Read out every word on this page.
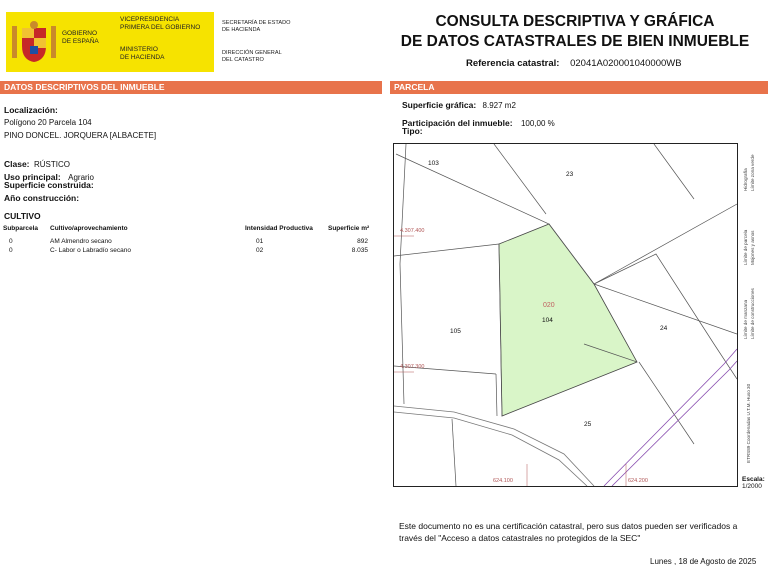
GOBIERNO
DE ESPAÑA
VICEPRESIDENCIA
PRIMERA DEL GOBIERNO
MINISTERIO
DE HACIENDA
SECRETARÍA DE ESTADO
DE HACIENDA
DIRECCIÓN GENERAL
DEL CATASTRO
CONSULTA DESCRIPTIVA Y GRÁFICA
DE DATOS CATASTRALES DE BIEN INMUEBLE
Referencia catastral: 02041A020001040000WB
DATOS DESCRIPTIVOS DEL INMUEBLE	PARCELA
Localización:
Polígono 20 Parcela 104
PINO DONCEL. JORQUERA [ALBACETE]
Clase: RÚSTICO
Uso principal: Agrario
Superficie construida:
Año construcción:
CULTIVO
Subparcela Cultivo/aprovechamiento	Intensidad Productiva Superficie m²
0	AM Almendro secano	01	892
0	C- Labor o Labradío secano	02	8.035
Superficie gráfica: 8.927 m2
Participación del inmueble: 100,00 %
Tipo:
103
23
105
020
104
24
25
4.307.400
4.307.300
624.100	624.200
Hidrografía Límite zona verde
Límite de parcela Mojones y asnos
Límite de manzana Límite de construcciones
ETRS89 Coordenadas U.T.M. Huso 30
Escala:
1/2000
Este documento no es una certificación catastral, pero sus datos pueden ser verificados a través del "Acceso a datos catastrales no protegidos de la SEC"
Lunes , 18 de Agosto de 2025
